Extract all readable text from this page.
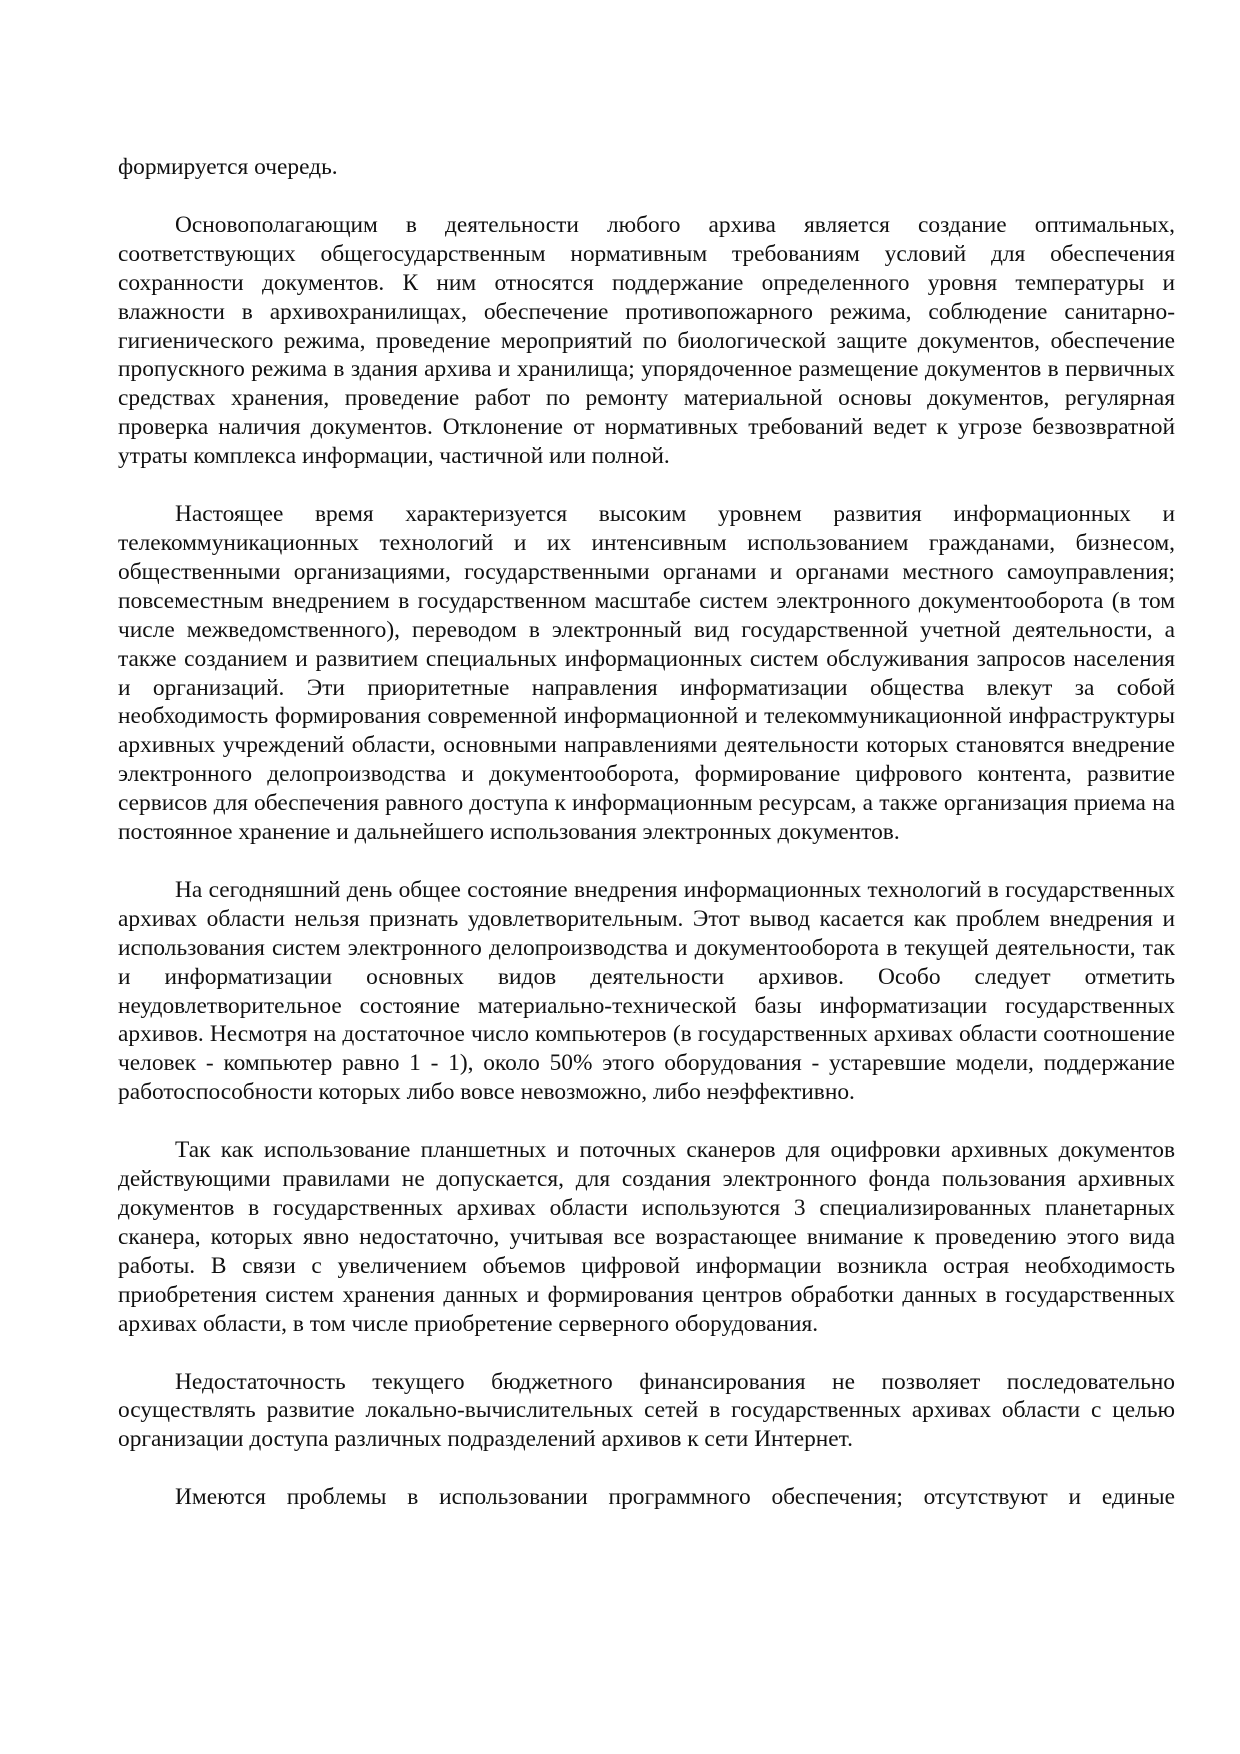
формируется очередь.

Основополагающим в деятельности любого архива является создание оптимальных, соответствующих общегосударственным нормативным требованиям условий для обеспечения сохранности документов. К ним относятся поддержание определенного уровня температуры и влажности в архивохранилищах, обеспечение противопожарного режима, соблюдение санитарно-гигиенического режима, проведение мероприятий по биологической защите документов, обеспечение пропускного режима в здания архива и хранилища; упорядоченное размещение документов в первичных средствах хранения, проведение работ по ремонту материальной основы документов, регулярная проверка наличия документов. Отклонение от нормативных требований ведет к угрозе безвозвратной утраты комплекса информации, частичной или полной.

Настоящее время характеризуется высоким уровнем развития информационных и телекоммуникационных технологий и их интенсивным использованием гражданами, бизнесом, общественными организациями, государственными органами и органами местного самоуправления; повсеместным внедрением в государственном масштабе систем электронного документооборота (в том числе межведомственного), переводом в электронный вид государственной учетной деятельности, а также созданием и развитием специальных информационных систем обслуживания запросов населения и организаций. Эти приоритетные направления информатизации общества влекут за собой необходимость формирования современной информационной и телекоммуникационной инфраструктуры архивных учреждений области, основными направлениями деятельности которых становятся внедрение электронного делопроизводства и документооборота, формирование цифрового контента, развитие сервисов для обеспечения равного доступа к информационным ресурсам, а также организация приема на постоянное хранение и дальнейшего использования электронных документов.

На сегодняшний день общее состояние внедрения информационных технологий в государственных архивах области нельзя признать удовлетворительным. Этот вывод касается как проблем внедрения и использования систем электронного делопроизводства и документооборота в текущей деятельности, так и информатизации основных видов деятельности архивов. Особо следует отметить неудовлетворительное состояние материально-технической базы информатизации государственных архивов. Несмотря на достаточное число компьютеров (в государственных архивах области соотношение человек - компьютер равно 1 - 1), около 50% этого оборудования - устаревшие модели, поддержание работоспособности которых либо вовсе невозможно, либо неэффективно.

Так как использование планшетных и поточных сканеров для оцифровки архивных документов действующими правилами не допускается, для создания электронного фонда пользования архивных документов в государственных архивах области используются 3 специализированных планетарных сканера, которых явно недостаточно, учитывая все возрастающее внимание к проведению этого вида работы. В связи с увеличением объемов цифровой информации возникла острая необходимость приобретения систем хранения данных и формирования центров обработки данных в государственных архивах области, в том числе приобретение серверного оборудования.

Недостаточность текущего бюджетного финансирования не позволяет последовательно осуществлять развитие локально-вычислительных сетей в государственных архивах области с целью организации доступа различных подразделений архивов к сети Интернет.

Имеются проблемы в использовании программного обеспечения; отсутствуют и единые
